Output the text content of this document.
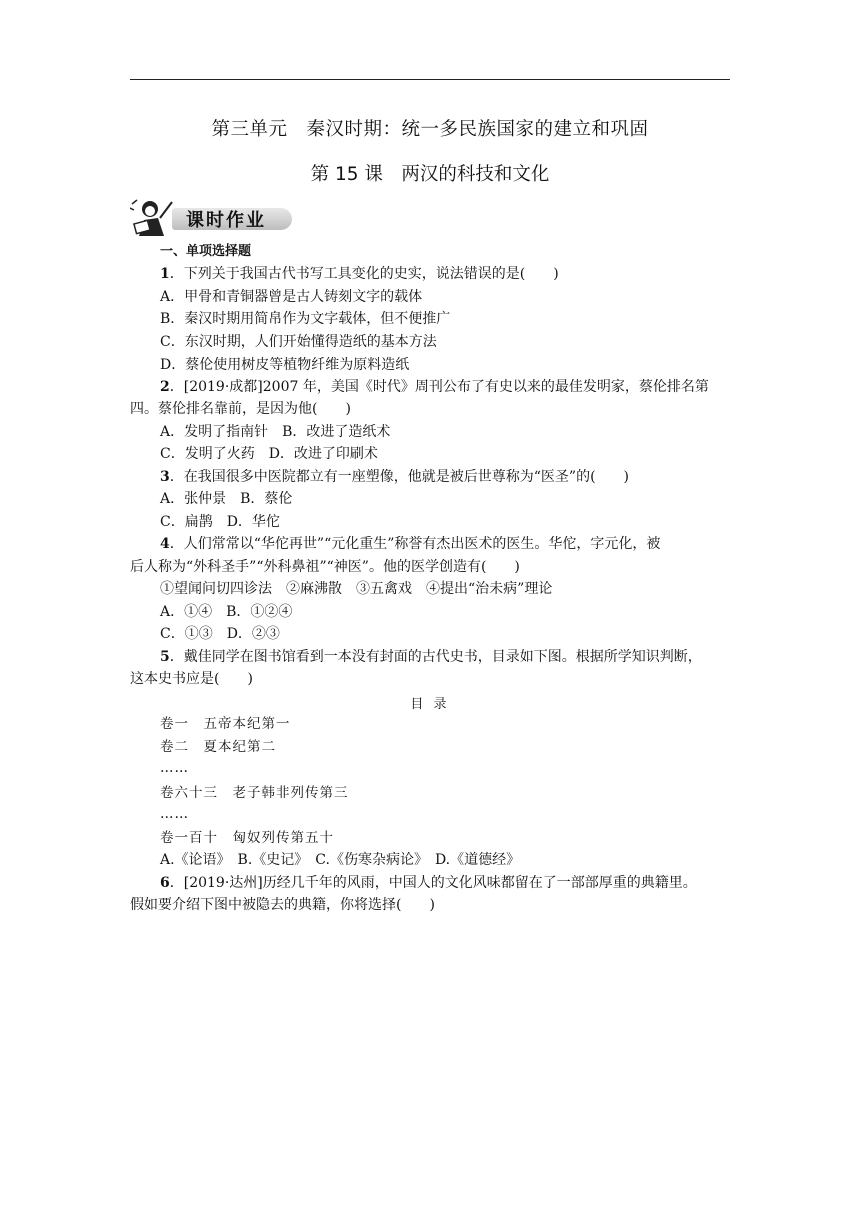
第三单元　秦汉时期：统一多民族国家的建立和巩固
第 15 课　两汉的科技和文化
课时作业
一、单项选择题
1．下列关于我国古代书写工具变化的史实，说法错误的是(　　)
A．甲骨和青铜器曾是古人铸刻文字的载体
B．秦汉时期用简帛作为文字载体，但不便推广
C．东汉时期，人们开始懂得造纸的基本方法
D．蔡伦使用树皮等植物纤维为原料造纸
2．[2019·成都]2007 年，美国《时代》周刊公布了有史以来的最佳发明家，蔡伦排名第
四。蔡伦排名靠前，是因为他(　　)
A．发明了指南针　B．改进了造纸术
C．发明了火药　D．改进了印刷术
3．在我国很多中医院都立有一座塑像，他就是被后世尊称为“医圣”的(　　)
A．张仲景　B．蔡伦
C．扁鹊　D．华佗
4．人们常常以“华佗再世”“元化重生”称誉有杰出医术的医生。华佗，字元化，被
后人称为“外科圣手”“外科鼻祖”“神医”。他的医学创造有(　　)
①望闻问切四诊法　②麻沸散　③五禽戏　④提出“治未病”理论
A．①④　B．①②④
C．①③　D．②③
5．戴佳同学在图书馆看到一本没有封面的古代史书，目录如下图。根据所学知识判断，
这本史书应是(　　)
目 录
卷一　五帝本纪第一
卷二　夏本纪第二
……
卷六十三　老子韩非列传第三
……
卷一百十　匈奴列传第五十
A.《论语》　B.《史记》　C.《伤寒杂病论》　D.《道德经》
6．[2019·达州]历经几千年的风雨，中国人的文化风味都留在了一部部厚重的典籍里。
假如要介绍下图中被隐去的典籍，你将选择(　　)
